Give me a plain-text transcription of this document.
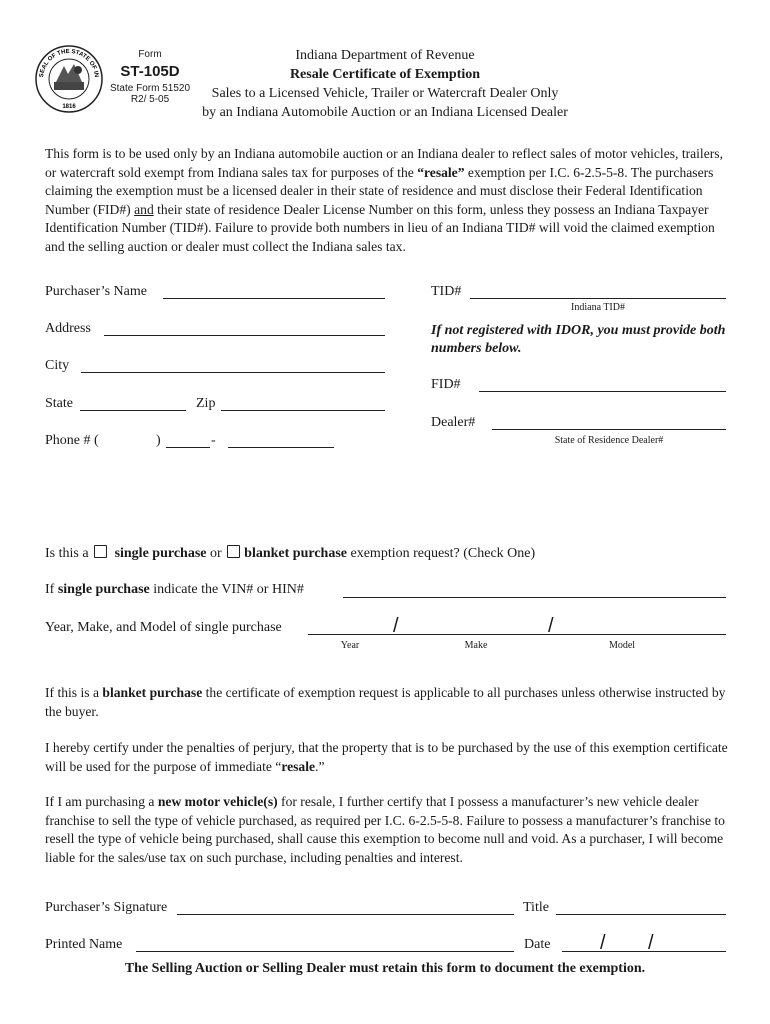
SEAL OF THE STATE OF IN
1816
Form
ST-105D
State Form 51520
R2/ 5-05
Indiana Department of Revenue
Resale Certificate of Exemption
Sales to a Licensed Vehicle, Trailer or Watercraft Dealer Only
by an Indiana Automobile Auction or an Indiana Licensed Dealer
This form is to be used only by an Indiana automobile auction or an Indiana dealer to reflect sales of motor vehicles, trailers, or watercraft sold exempt from Indiana sales tax for purposes of the “resale” exemption per I.C. 6-2.5-5-8. The purchasers claiming the exemption must be a licensed dealer in their state of residence and must disclose their Federal Identification Number (FID#) and their state of residence Dealer License Number on this form, unless they possess an Indiana Taxpayer Identification Number (TID#). Failure to provide both numbers in lieu of an Indiana TID# will void the claimed exemption and the selling auction or dealer must collect the Indiana sales tax.
Purchaser’s Name
Address
City
State	Zip
Phone # (	)	-
TID#
Indiana TID#
If not registered with IDOR, you must provide both numbers below.
FID#
Dealer#
State of Residence Dealer#
Is this a single purchase or blanket purchase exemption request? (Check One)
If single purchase indicate the VIN# or HIN#
Year, Make, and Model of single purchase	/	/
Year	Make	Model
If this is a blanket purchase the certificate of exemption request is applicable to all purchases unless otherwise instructed by the buyer.
I hereby certify under the penalties of perjury, that the property that is to be purchased by the use of this exemption certificate will be used for the purpose of immediate “resale.”
If I am purchasing a new motor vehicle(s) for resale, I further certify that I possess a manufacturer’s new vehicle dealer franchise to sell the type of vehicle purchased, as required per I.C. 6-2.5-5-8. Failure to possess a manufacturer’s franchise to resell the type of vehicle being purchased, shall cause this exemption to become null and void. As a purchaser, I will become liable for the sales/use tax on such purchase, including penalties and interest.
Purchaser’s Signature	Title
Printed Name	Date / /
The Selling Auction or Selling Dealer must retain this form to document the exemption.
